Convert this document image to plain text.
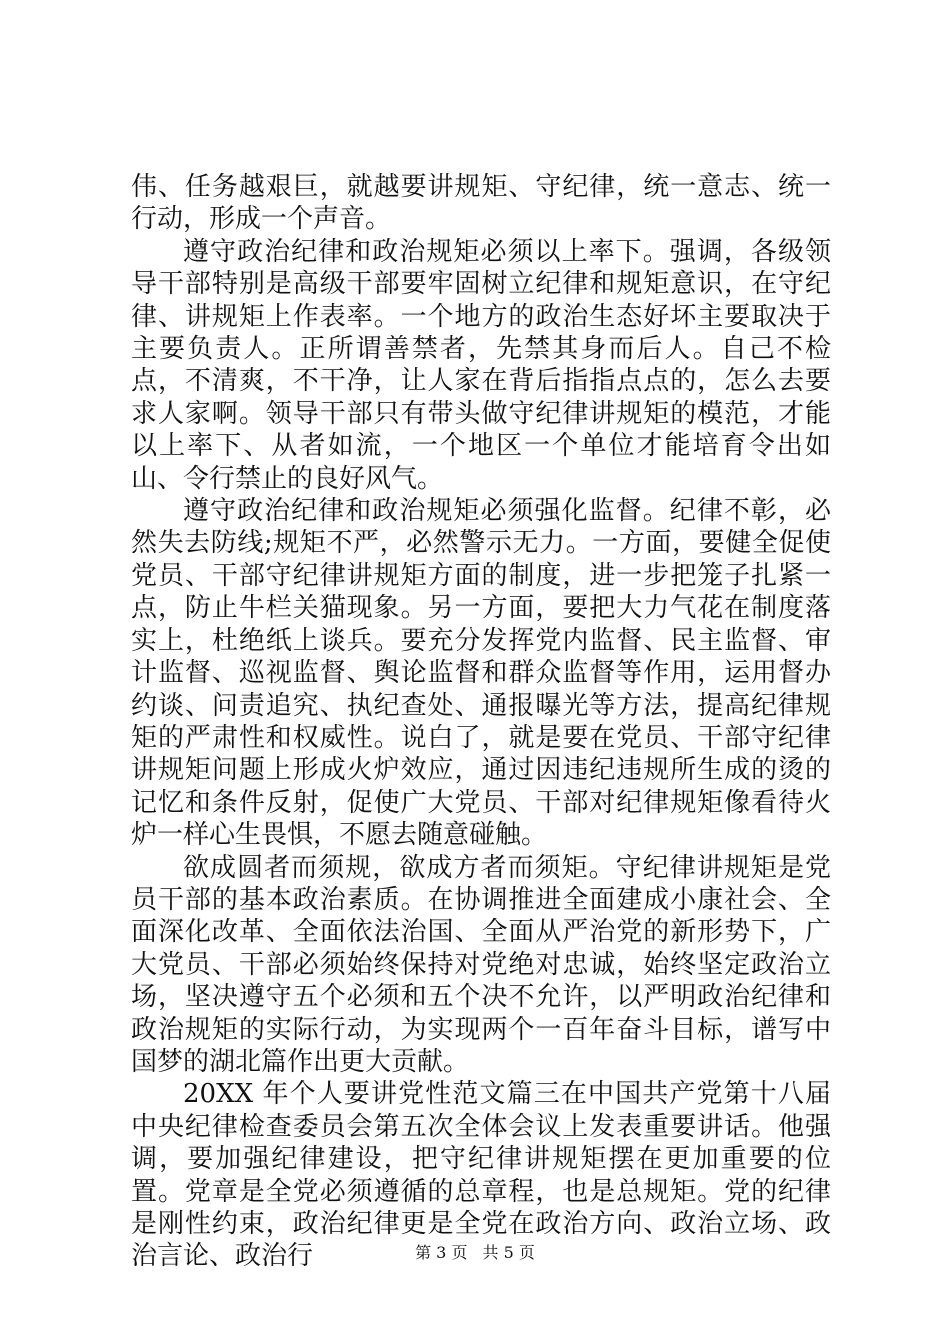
伟、任务越艰巨，就越要讲规矩、守纪律，统一意志、统一行动，形成一个声音。

遵守政治纪律和政治规矩必须以上率下。强调，各级领导干部特别是高级干部要牢固树立纪律和规矩意识，在守纪律、讲规矩上作表率。一个地方的政治生态好坏主要取决于主要负责人。正所谓善禁者，先禁其身而后人。自己不检点，不清爽，不干净，让人家在背后指指点点的，怎么去要求人家啊。领导干部只有带头做守纪律讲规矩的模范，才能以上率下、从者如流，一个地区一个单位才能培育令出如山、令行禁止的良好风气。

遵守政治纪律和政治规矩必须强化监督。纪律不彰，必然失去防线;规矩不严，必然警示无力。一方面，要健全促使党员、干部守纪律讲规矩方面的制度，进一步把笼子扎紧一点，防止牛栏关猫现象。另一方面，要把大力气花在制度落实上，杜绝纸上谈兵。要充分发挥党内监督、民主监督、审计监督、巡视监督、舆论监督和群众监督等作用，运用督办约谈、问责追究、执纪查处、通报曝光等方法，提高纪律规矩的严肃性和权威性。说白了，就是要在党员、干部守纪律讲规矩问题上形成火炉效应，通过因违纪违规所生成的烫的记忆和条件反射，促使广大党员、干部对纪律规矩像看待火炉一样心生畏惧，不愿去随意碰触。

欲成圆者而须规，欲成方者而须矩。守纪律讲规矩是党员干部的基本政治素质。在协调推进全面建成小康社会、全面深化改革、全面依法治国、全面从严治党的新形势下，广大党员、干部必须始终保持对党绝对忠诚，始终坚定政治立场，坚决遵守五个必须和五个决不允许，以严明政治纪律和政治规矩的实际行动，为实现两个一百年奋斗目标，谱写中国梦的湖北篇作出更大贡献。

20XX 年个人要讲党性范文篇三在中国共产党第十八届中央纪律检查委员会第五次全体会议上发表重要讲话。他强调，要加强纪律建设，把守纪律讲规矩摆在更加重要的位置。党章是全党必须遵循的总章程，也是总规矩。党的纪律是刚性约束，政治纪律更是全党在政治方向、政治立场、政治言论、政治行	第 3 页 共 5 页
